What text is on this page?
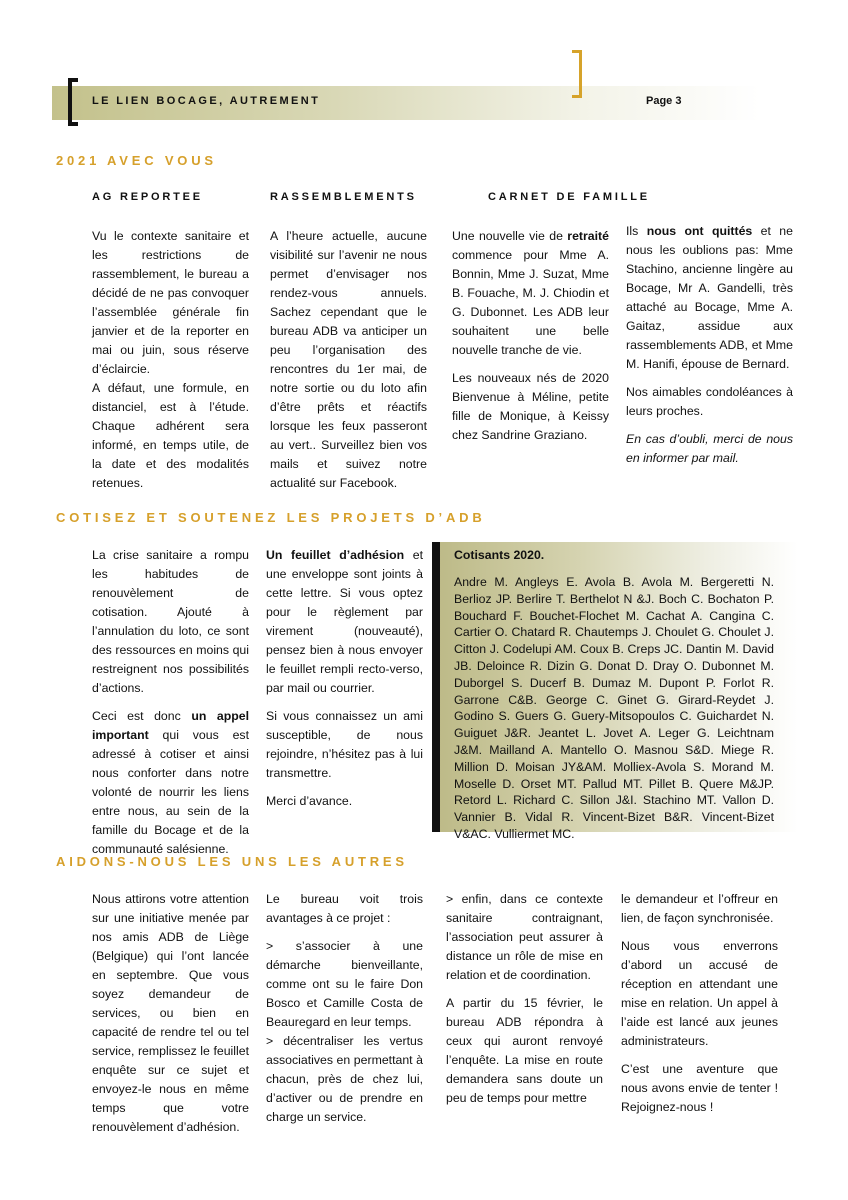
LE LIEN BOCAGE, AUTREMENT	Page 3
2021 AVEC VOUS
AG REPORTEE	RASSEMBLEMENTS	CARNET DE FAMILLE

Vu le contexte sanitaire et les restrictions de rassemblement, le bureau a décidé de ne pas convoquer l’assemblée générale fin janvier et de la reporter en mai ou juin, sous réserve d’éclaircie.

A défaut, une formule, en distanciel, est à l’étude. Chaque adhérent sera informé, en temps utile, de la date et des modalités retenues.

A l’heure actuelle, aucune visibilité sur l’avenir ne nous permet d’envisager nos rendez-vous annuels. Sachez cependant que le bureau ADB va anticiper un peu l’organisation des rencontres du 1er mai, de notre sortie ou du loto afin d’être prêts et réactifs lorsque les feux passeront au vert.. Surveillez bien vos mails et suivez notre actualité sur Facebook.

Une nouvelle vie de retraité commence pour Mme A. Bonnin, Mme J. Suzat, Mme B. Fouache, M. J. Chiodin et G. Dubonnet. Les ADB leur souhaitent une belle nouvelle tranche de vie.

Les nouveaux nés de 2020 Bienvenue à Méline, petite fille de Monique, à Keissy chez Sandrine Graziano.

Ils nous ont quittés et ne nous les oublions pas: Mme Stachino, ancienne lingère au Bocage, Mr A. Gandelli, très attaché au Bocage, Mme A. Gaitaz, assidue aux rassemblements ADB, et Mme M. Hanifi, épouse de Bernard.

Nos aimables condoléances à leurs proches.

En cas d’oubli, merci de nous en informer par mail.

COTISEZ ET SOUTENEZ LES PROJETS D’ADB

La crise sanitaire a rompu les habitudes de renouvèlement de cotisation. Ajouté à l’annulation du loto, ce sont des ressources en moins qui restreignent nos possibilités d’actions.

Ceci est donc un appel important qui vous est adressé à cotiser et ainsi nous conforter dans notre volonté de nourrir les liens entre nous, au sein de la famille du Bocage et de la communauté salésienne.

Un feuillet d’adhésion et une enveloppe sont joints à cette lettre. Si vous optez pour le règlement par virement (nouveauté), pensez bien à nous envoyer le feuillet rempli recto-verso, par mail ou courrier.

Si vous connaissez un ami susceptible, de nous rejoindre, n’hésitez pas à lui transmettre.

Merci d’avance.

Cotisants 2020.
Andre M. Angleys E. Avola B. Avola M. Bergeretti N. Berlioz JP. Berlire T. Berthelot N &J. Boch C. Bochaton P. Bouchard F. Bouchet-Flochet M. Cachat A. Cangina C. Cartier O. Chatard R. Chautemps J. Choulet G. Choulet J. Citton J. Codelupi AM. Coux B. Creps JC. Dantin M. David JB. Deloince R. Dizin G. Donat D. Dray O. Dubonnet M. Duborgel S. Ducerf B. Dumaz M. Dupont P. Forlot R. Garrone C&B. George C. Ginet G. Girard-Reydet J. Godino S. Guers G. Guery-Mitsopoulos C. Guichardet N. Guiguet J&R. Jeantet L. Jovet A. Leger G. Leichtnam J&M. Mailland A. Mantello O. Masnou S&D. Miege R. Million D. Moisan JY&AM. Molliex-Avola S. Morand M. Moselle D. Orset MT. Pallud MT. Pillet B. Quere M&JP. Retord L. Richard C. Sillon J&I. Stachino MT. Vallon D. Vannier B. Vidal R. Vincent-Bizet B&R. Vincent-Bizet V&AC. Vulliermet MC.
AIDONS-NOUS LES UNS LES AUTRES

Nous attirons votre attention sur une initiative menée par nos amis ADB de Liège (Belgique) qui l’ont lancée en septembre. Que vous soyez demandeur de services, ou bien en capacité de rendre tel ou tel service, remplissez le feuillet enquête sur ce sujet et envoyez-le nous en même temps que votre renouvèlement d’adhésion.

Le bureau voit trois avantages à ce projet :

> s’associer à une démarche bienveillante, comme ont su le faire Don Bosco et Camille Costa de Beauregard en leur temps.

> décentraliser les vertus associatives en permettant à chacun, près de chez lui, d’activer ou de prendre en charge un service.

> enfin, dans ce contexte sanitaire contraignant, l’association peut assurer à distance un rôle de mise en relation et de coordination.

A partir du 15 février, le bureau ADB répondra à ceux qui auront renvoyé l’enquête. La mise en route demandera sans doute un peu de temps pour mettre

le demandeur et l’offreur en lien, de façon synchronisée.

Nous vous enverrons d’abord un accusé de réception en attendant une mise en relation. Un appel à l’aide est lancé aux jeunes administrateurs.

C’est une aventure que nous avons envie de tenter ! Rejoignez-nous !
